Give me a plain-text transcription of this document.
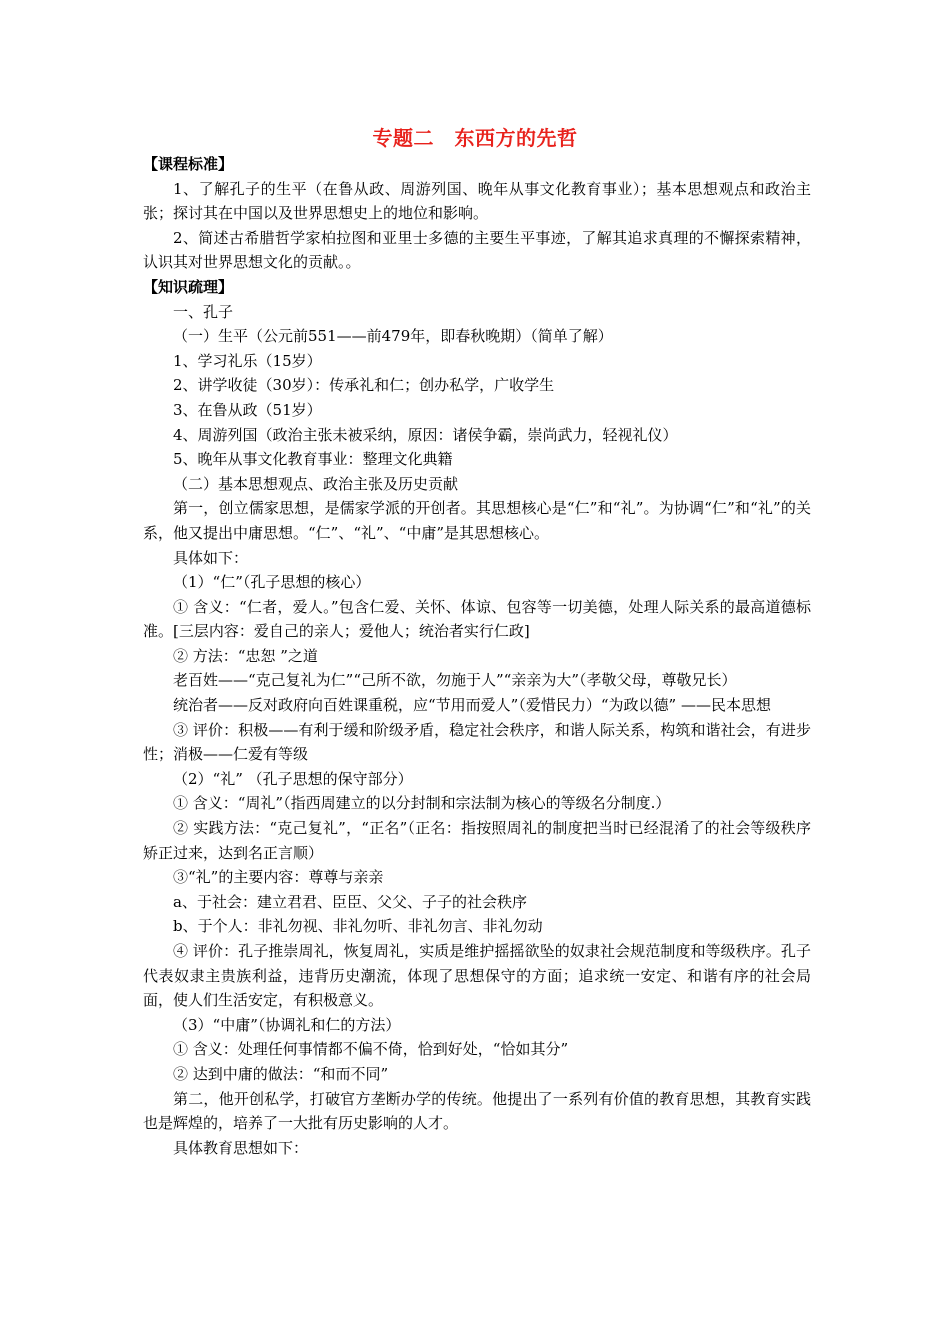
专题二　东西方的先哲

【课程标准】

1、了解孔子的生平（在鲁从政、周游列国、晚年从事文化教育事业）；基本思想观点和政治主张；探讨其在中国以及世界思想史上的地位和影响。

2、简述古希腊哲学家柏拉图和亚里士多德的主要生平事迹，了解其追求真理的不懈探索精神，认识其对世界思想文化的贡献。。

【知识疏理】

一、孔子

（一）生平（公元前551——前479年，即春秋晚期）（简单了解）

1、学习礼乐（15岁）

2、讲学收徒（30岁）：传承礼和仁；创办私学，广收学生

3、在鲁从政（51岁）

4、周游列国（政治主张未被采纳，原因：诸侯争霸，崇尚武力，轻视礼仪）

5、晚年从事文化教育事业：整理文化典籍

（二）基本思想观点、政治主张及历史贡献

第一，创立儒家思想，是儒家学派的开创者。其思想核心是“仁”和“礼”。为协调“仁”和“礼”的关系，他又提出中庸思想。“仁”、“礼”、“中庸”是其思想核心。

具体如下：

（1）“仁”（孔子思想的核心）

① 含义：“仁者，爱人。”包含仁爱、关怀、体谅、包容等一切美德，处理人际关系的最高道德标准。[三层内容：爱自己的亲人；爱他人；统治者实行仁政]

② 方法：“忠恕 ”之道

老百姓——“克己复礼为仁”“己所不欲，勿施于人”“亲亲为大”（孝敬父母，尊敬兄长）

统治者——反对政府向百姓课重税，应“节用而爱人”（爱惜民力）“为政以德” ——民本思想

③ 评价：积极——有利于缓和阶级矛盾，稳定社会秩序，和谐人际关系，构筑和谐社会，有进步性；消极——仁爱有等级

（2）“礼” （孔子思想的保守部分）

① 含义：“周礼”（指西周建立的以分封制和宗法制为核心的等级名分制度.）

② 实践方法：“克己复礼”，“正名”（正名：指按照周礼的制度把当时已经混淆了的社会等级秩序矫正过来，达到名正言顺）

③“礼”的主要内容：尊尊与亲亲

a、于社会：建立君君、臣臣、父父、子子的社会秩序

b、于个人：非礼勿视、非礼勿听、非礼勿言、非礼勿动

④ 评价：孔子推崇周礼，恢复周礼，实质是维护摇摇欲坠的奴隶社会规范制度和等级秩序。孔子代表奴隶主贵族利益，违背历史潮流，体现了思想保守的方面；追求统一安定、和谐有序的社会局面，使人们生活安定，有积极意义。

（3）“中庸”（协调礼和仁的方法）

① 含义：处理任何事情都不偏不倚，恰到好处，“恰如其分”

② 达到中庸的做法：“和而不同”

第二，他开创私学，打破官方垄断办学的传统。他提出了一系列有价值的教育思想，其教育实践也是辉煌的，培养了一大批有历史影响的人才。

具体教育思想如下：
